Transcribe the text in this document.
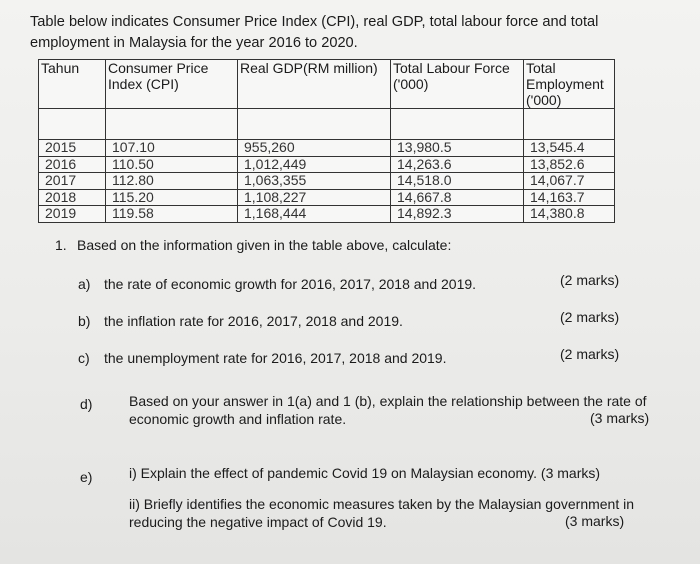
Table below indicates Consumer Price Index (CPI), real GDP, total labour force and total employment in Malaysia for the year 2016 to 2020.
Tahun	Consumer Price Index (CPI)	Real GDP(RM million)	Total Labour Force ('000)	Total Employment ('000)

2015	107.10	955,260	13,980.5	13,545.4
2016	110.50	1,012,449	14,263.6	13,852.6
2017	112.80	1,063,355	14,518.0	14,067.7
2018	115.20	1,108,227	14,667.8	14,163.7
2019	119.58	1,168,444	14,892.3	14,380.8
1. Based on the information given in the table above, calculate:
a) the rate of economic growth for 2016, 2017, 2018 and 2019.	(2 marks)
b) the inflation rate for 2016, 2017, 2018 and 2019.	(2 marks)
c) the unemployment rate for 2016, 2017, 2018 and 2019.	(2 marks)
d)	Based on your answer in 1(a) and 1 (b), explain the relationship between the rate of economic growth and inflation rate.	(3 marks)
e)	i) Explain the effect of pandemic Covid 19 on Malaysian economy. (3 marks)
ii) Briefly identifies the economic measures taken by the Malaysian government in reducing the negative impact of Covid 19.	(3 marks)
